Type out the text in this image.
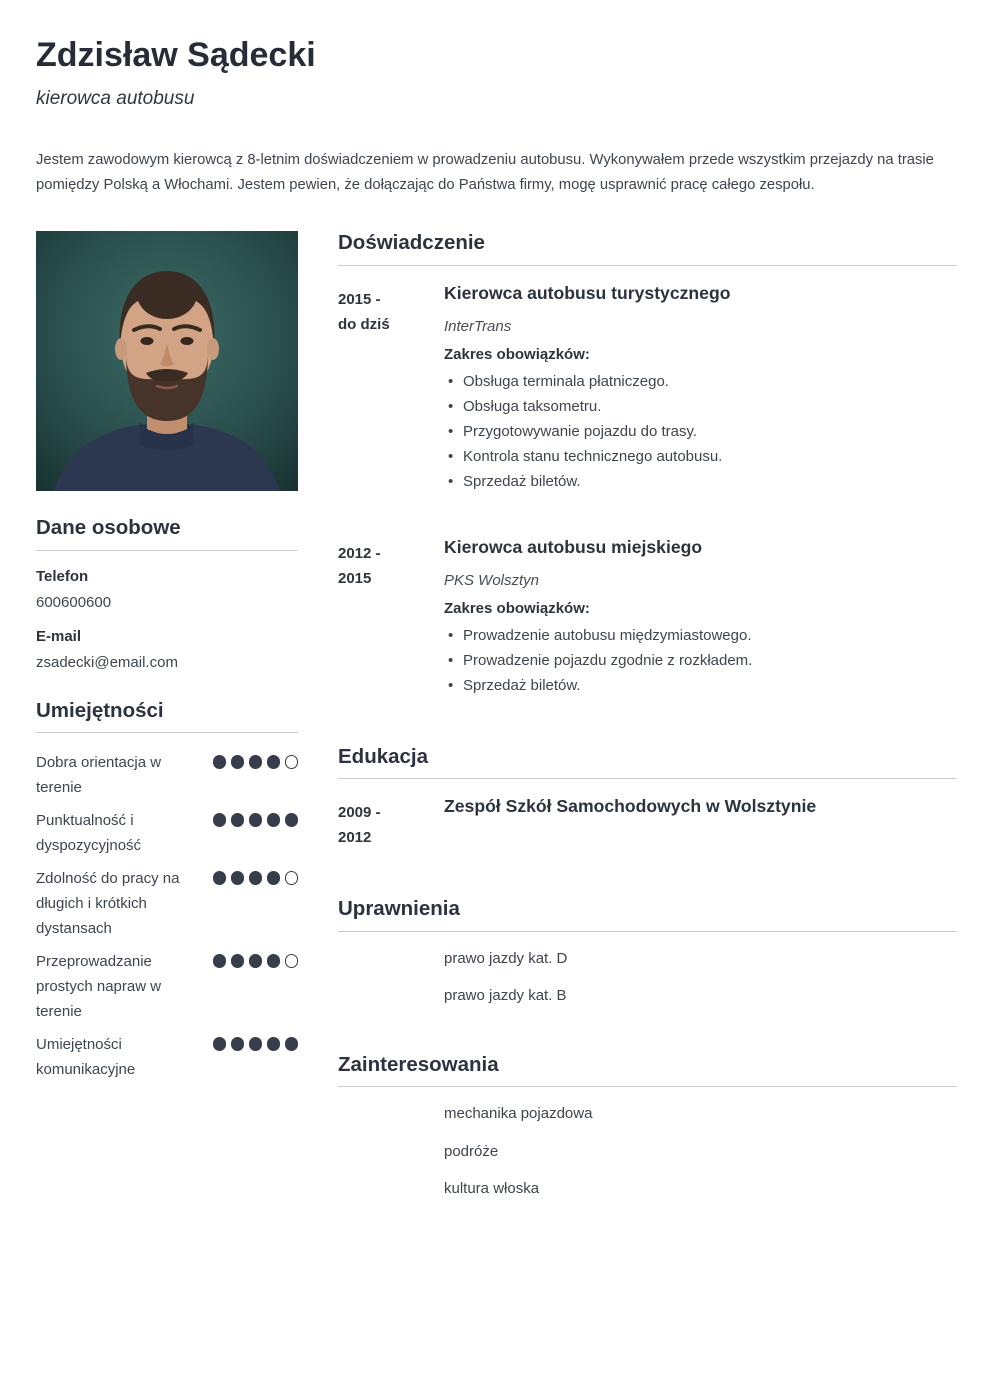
Zdzisław Sądecki

kierowca autobusu

Jestem zawodowym kierowcą z 8-letnim doświadczeniem w prowadzeniu autobusu. Wykonywałem przede wszystkim przejazdy na trasie pomiędzy Polską a Włochami. Jestem pewien, że dołączając do Państwa firmy, mogę usprawnić pracę całego zespołu.

Dane osobowe

Telefon

600600600

E-mail

zsadecki@email.com

Umiejętności
Dobra orientacja w terenie
Punktualność i dyspozycyjność
Zdolność do pracy na długich i krótkich dystansach
Przeprowadzanie prostych napraw w terenie
Umiejętności komunikacyjne
Doświadczenie
2015 -
do dziś
Kierowca autobusu turystycznego

InterTrans

Zakres obowiązków:

• Obsługa terminala płatniczego.
• Obsługa taksometru.
• Przygotowywanie pojazdu do trasy.
• Kontrola stanu technicznego autobusu.
• Sprzedaż biletów.
2012 -
2015
Kierowca autobusu miejskiego

PKS Wolsztyn

Zakres obowiązków:

• Prowadzenie autobusu międzymiastowego.
• Prowadzenie pojazdu zgodnie z rozkładem.
• Sprzedaż biletów.
Edukacja
2009 -
2012
Zespół Szkół Samochodowych w Wolsztynie
Uprawnienia
prawo jazdy kat. D
prawo jazdy kat. B
Zainteresowania
mechanika pojazdowa
podróże
kultura włoska
